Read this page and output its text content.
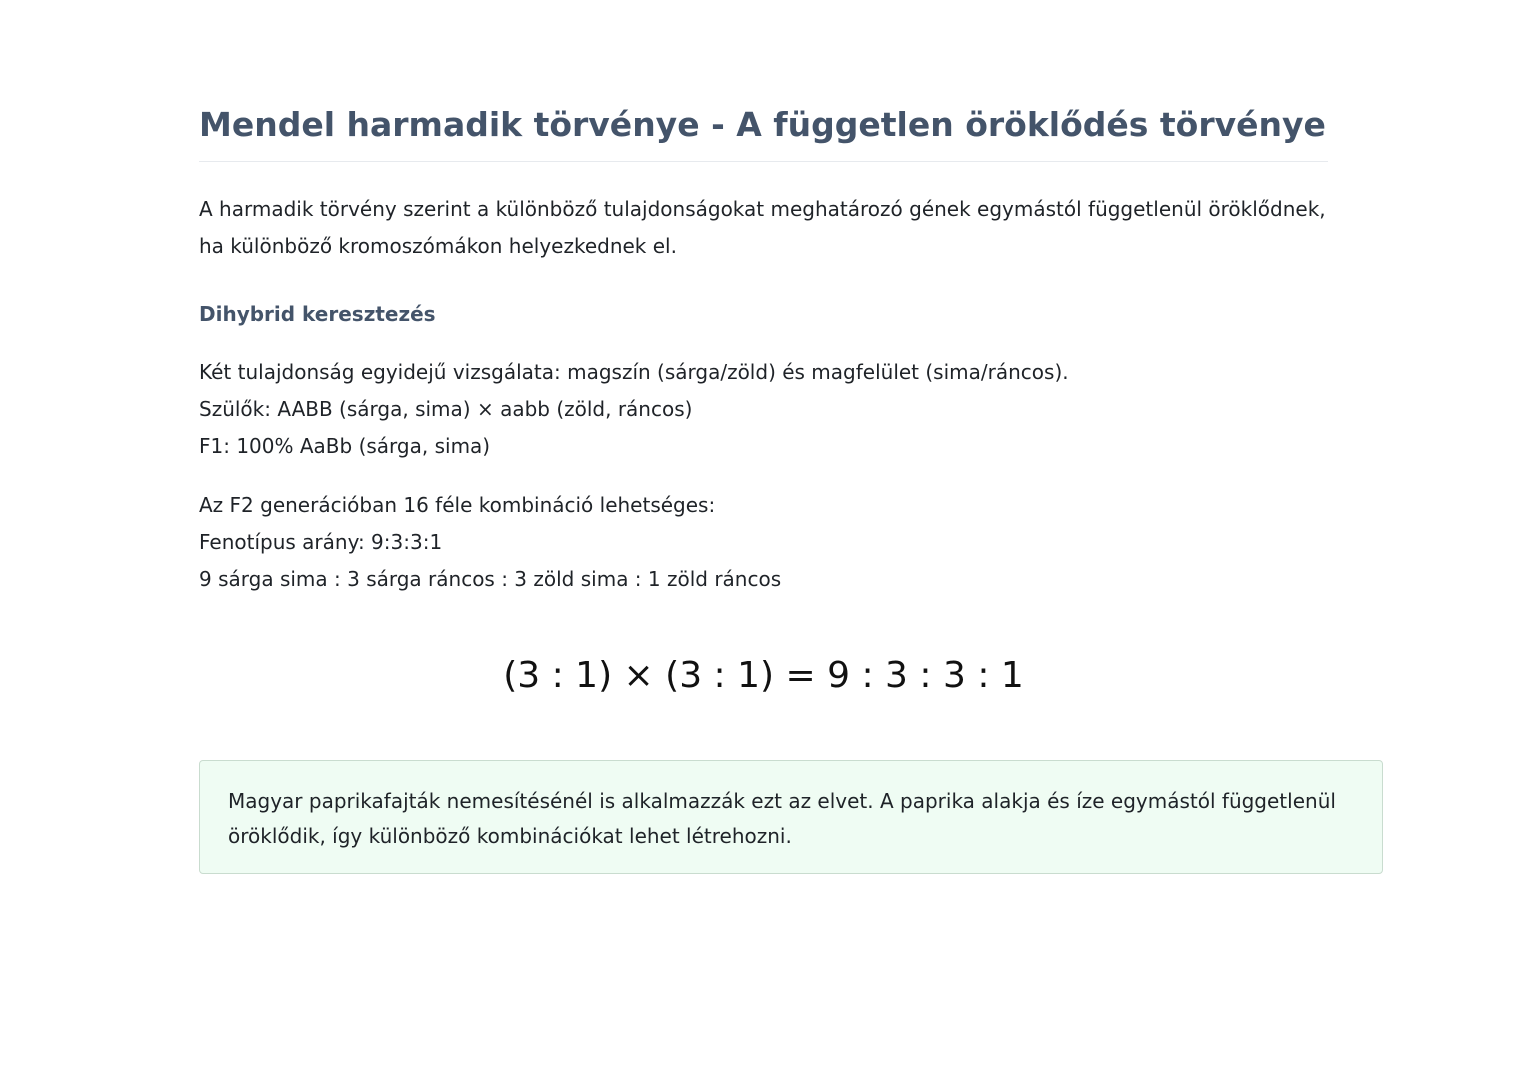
Mendel harmadik törvénye - A független öröklődés törvénye

A harmadik törvény szerint a különböző tulajdonságokat meghatározó gének egymástól függetlenül öröklődnek, ha különböző kromoszómákon helyezkednek el.

Dihybrid keresztezés

Két tulajdonság egyidejű vizsgálata: magszín (sárga/zöld) és magfelület (sima/ráncos).
Szülők: AABB (sárga, sima) × aabb (zöld, ráncos)
F1: 100% AaBb (sárga, sima)

Az F2 generációban 16 féle kombináció lehetséges:
Fenotípus arány: 9:3:3:1
9 sárga sima : 3 sárga ráncos : 3 zöld sima : 1 zöld ráncos

(3 : 1) × (3 : 1) = 9 : 3 : 3 : 1

Magyar paprikafajták nemesítésénél is alkalmazzák ezt az elvet. A paprika alakja és íze egymástól függetlenül öröklődik, így különböző kombinációkat lehet létrehozni.
